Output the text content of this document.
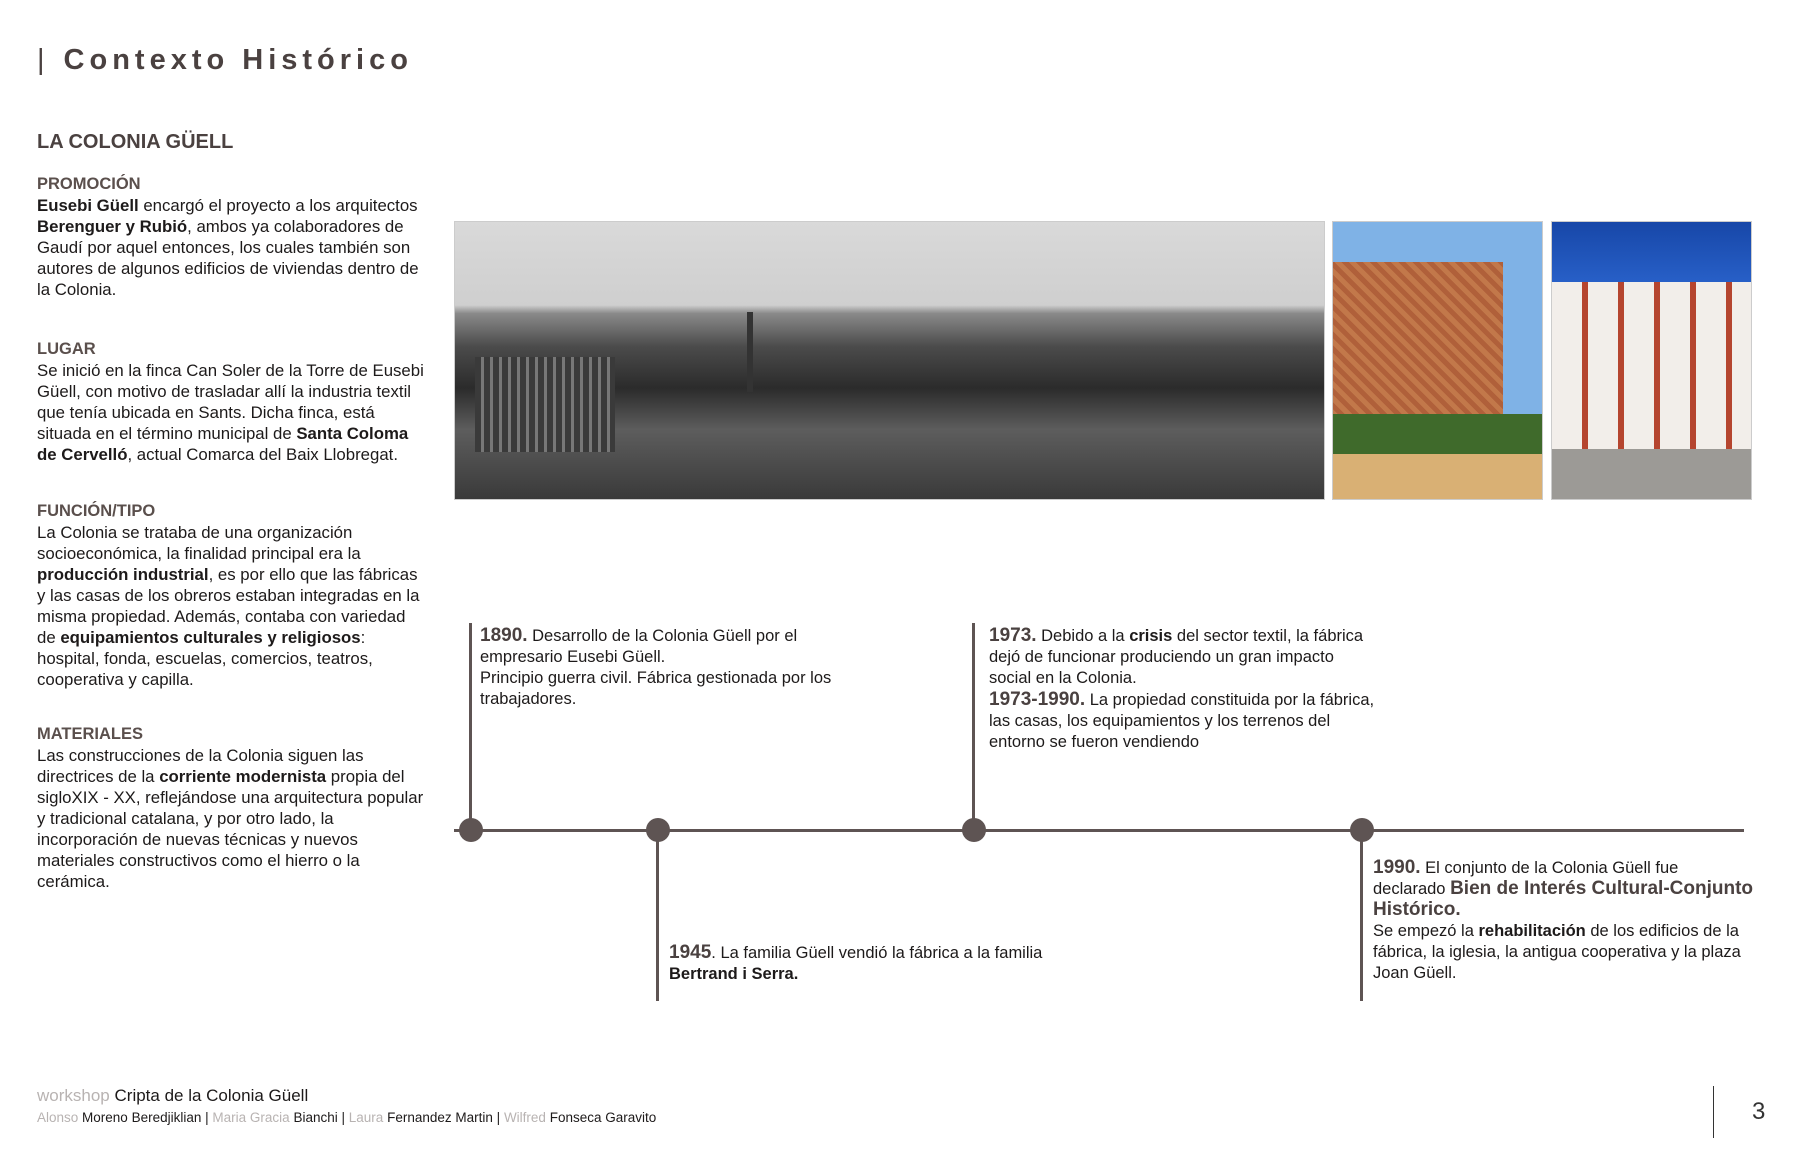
| Contexto Histórico
LA COLONIA GÜELL
PROMOCIÓN
Eusebi Güell encargó el proyecto a los arquitectos Berenguer y Rubió, ambos ya colaboradores de Gaudí por aquel entonces, los cuales también son autores de algunos edificios de viviendas dentro de la Colonia.
LUGAR
Se inició en la finca Can Soler de la Torre de Eusebi Güell, con motivo de trasladar allí la industria textil que tenía ubicada en Sants. Dicha finca, está situada en el término municipal de Santa Coloma de Cervelló, actual Comarca del Baix Llobregat.
FUNCIÓN/TIPO
La Colonia se trataba de una organización socioeconómica, la finalidad principal era la producción industrial, es por ello que las fábricas y las casas de los obreros estaban integradas en la misma propiedad. Además, contaba con variedad de equipamientos culturales y religiosos: hospital, fonda, escuelas, comercios, teatros, cooperativa y capilla.
MATERIALES
Las construcciones de la Colonia siguen las directrices de la corriente modernista propia del sigloXIX - XX, reflejándose una arquitectura popular y tradicional catalana, y por otro lado, la incorporación de nuevas técnicas y nuevos materiales constructivos como el hierro o la cerámica.
1890. Desarrollo de la Colonia Güell por el empresario Eusebi Güell.
Principio guerra civil. Fábrica gestionada por los trabajadores.
1945. La familia Güell vendió la fábrica a la familia Bertrand i Serra.
1973. Debido a la crisis del sector textil, la fábrica dejó de funcionar produciendo un gran impacto social en la Colonia.
1973-1990. La propiedad constituida por la fábrica, las casas, los equipamientos y los terrenos del entorno se fueron vendiendo
1990. El conjunto de la Colonia Güell fue declarado Bien de Interés Cultural-Conjunto Histórico.
Se empezó la rehabilitación de los edificios de la fábrica, la iglesia, la antigua cooperativa y la plaza Joan Güell.
workshop Cripta de la Colonia Güell
Alonso Moreno Beredjiklian | Maria Gracia Bianchi | Laura Fernandez Martin | Wilfred Fonseca Garavito	3
